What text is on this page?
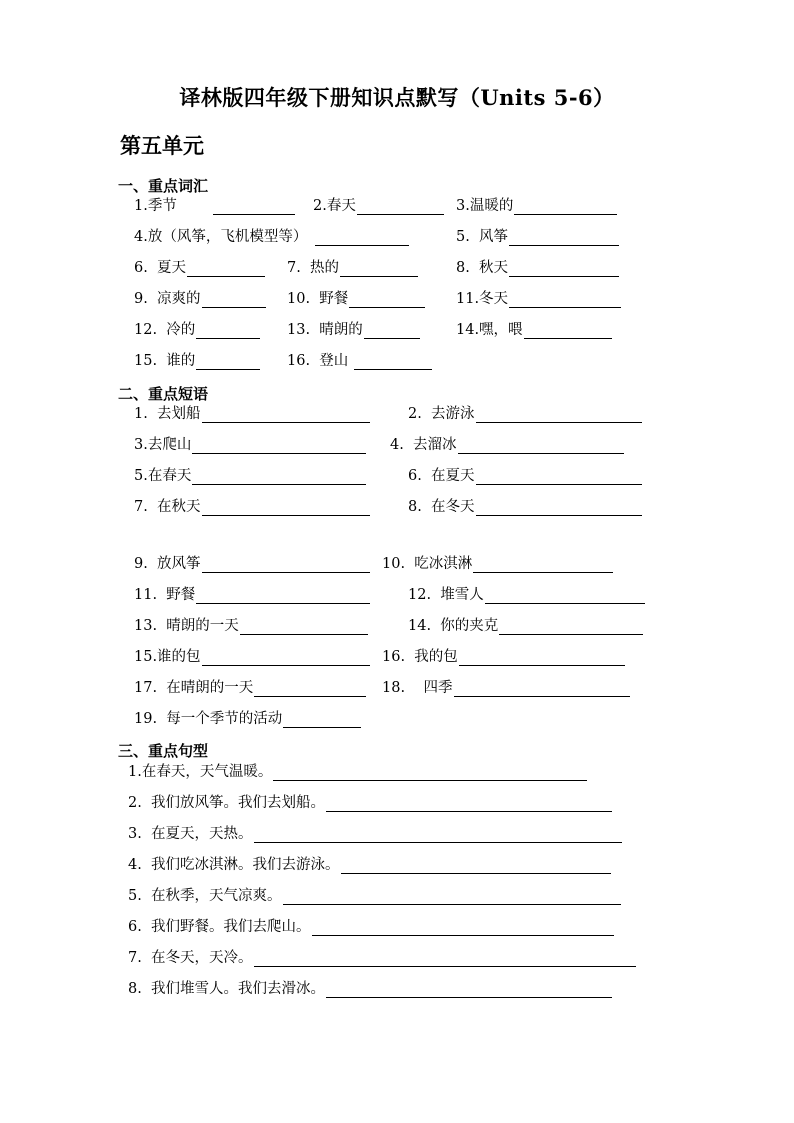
译林版四年级下册知识点默写（Units 5-6）
第五单元
一、重点词汇
二、重点短语
三、重点句型
1.季节	2.春天	3.温暖的
4.放（风筝，飞机模型等）	5.  风筝
6.  夏天	7.  热的	8.  秋天
9.  凉爽的	10.  野餐	11.冬天
12.  冷的	13.  晴朗的	14.嘿，喂
15.  谁的	16.  登山
1.  去划船	2.  去游泳
3.去爬山	4.  去溜冰
5.在春天	6.  在夏天
7.  在秋天	8.  在冬天
9.  放风筝	10.  吃冰淇淋
11.  野餐	12.  堆雪人
13.  晴朗的一天	14.  你的夹克
15.谁的包	16.  我的包
17.  在晴朗的一天	18.    四季
19.  每一个季节的活动
1.在春天，天气温暖。
2.  我们放风筝。我们去划船。
3.  在夏天，天热。
4.  我们吃冰淇淋。我们去游泳。
5.  在秋季，天气凉爽。
6.  我们野餐。我们去爬山。
7.  在冬天，天冷。
8.  我们堆雪人。我们去滑冰。
